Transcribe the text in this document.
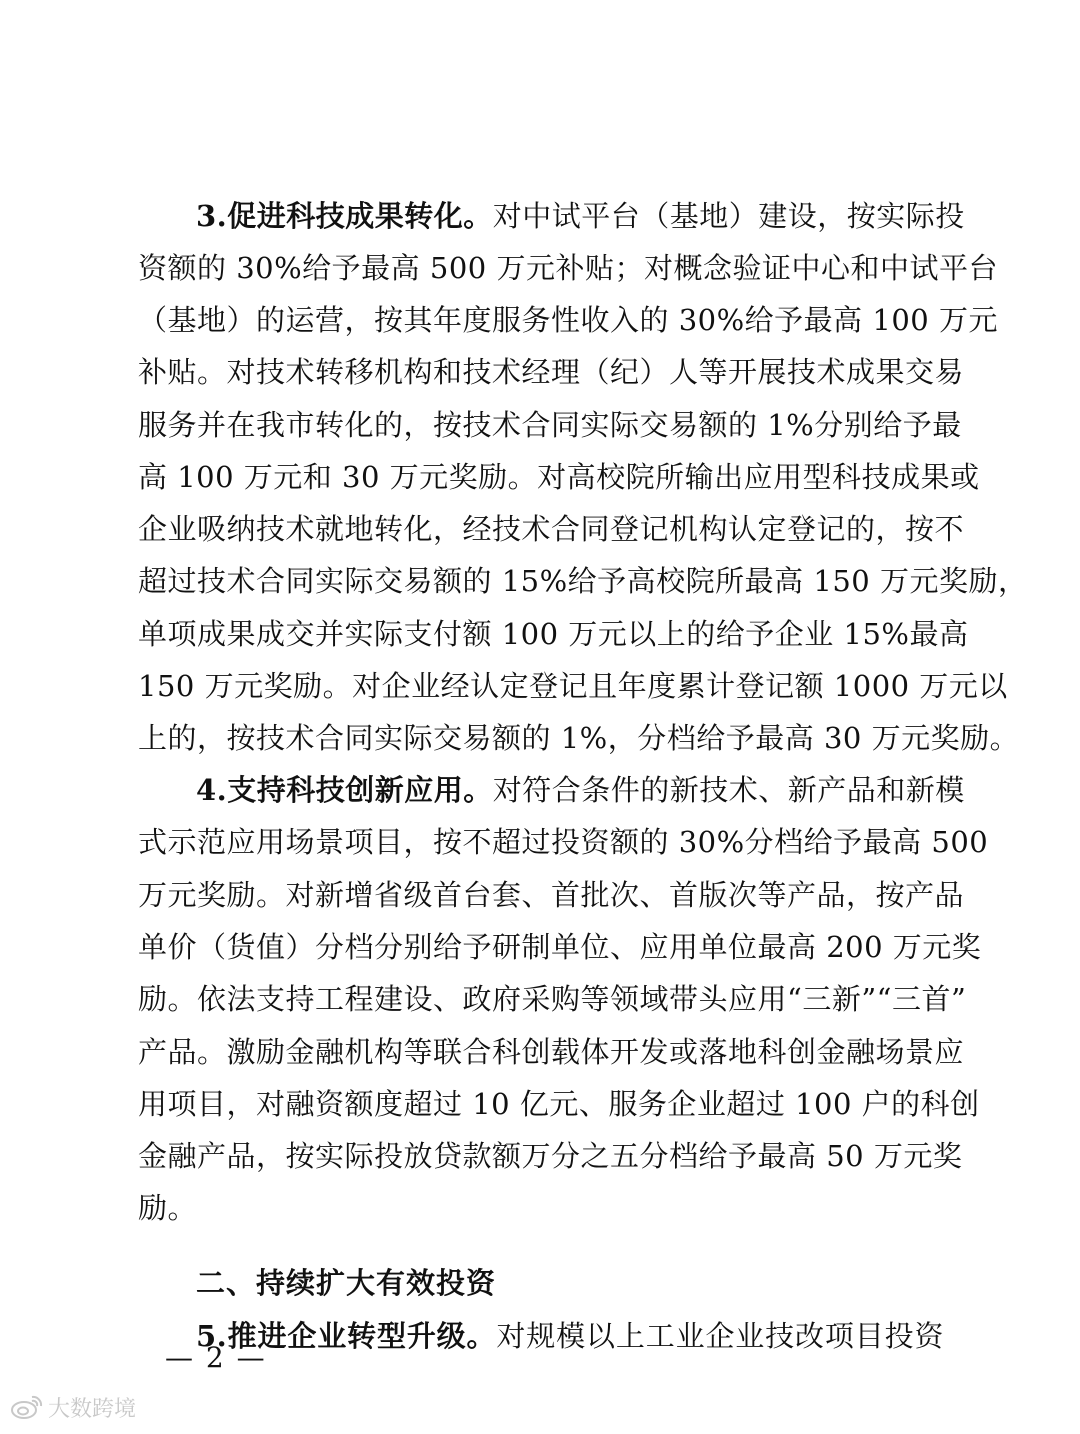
3.促进科技成果转化。对中试平台（基地）建设，按实际投
资额的 30%给予最高 500 万元补贴；对概念验证中心和中试平台
（基地）的运营，按其年度服务性收入的 30%给予最高 100 万元
补贴。对技术转移机构和技术经理（纪）人等开展技术成果交易
服务并在我市转化的，按技术合同实际交易额的 1%分别给予最
高 100 万元和 30 万元奖励。对高校院所输出应用型科技成果或
企业吸纳技术就地转化，经技术合同登记机构认定登记的，按不
超过技术合同实际交易额的 15%给予高校院所最高 150 万元奖励，
单项成果成交并实际支付额 100 万元以上的给予企业 15%最高
150 万元奖励。对企业经认定登记且年度累计登记额 1000 万元以
上的，按技术合同实际交易额的 1%，分档给予最高 30 万元奖励。
4.支持科技创新应用。对符合条件的新技术、新产品和新模
式示范应用场景项目，按不超过投资额的 30%分档给予最高 500
万元奖励。对新增省级首台套、首批次、首版次等产品，按产品
单价（货值）分档分别给予研制单位、应用单位最高 200 万元奖
励。依法支持工程建设、政府采购等领域带头应用“三新”“三首”
产品。激励金融机构等联合科创载体开发或落地科创金融场景应
用项目，对融资额度超过 10 亿元、服务企业超过 100 户的科创
金融产品，按实际投放贷款额万分之五分档给予最高 50 万元奖
励。
二、持续扩大有效投资
5.推进企业转型升级。对规模以上工业企业技改项目投资
— 2 —
大数跨境
